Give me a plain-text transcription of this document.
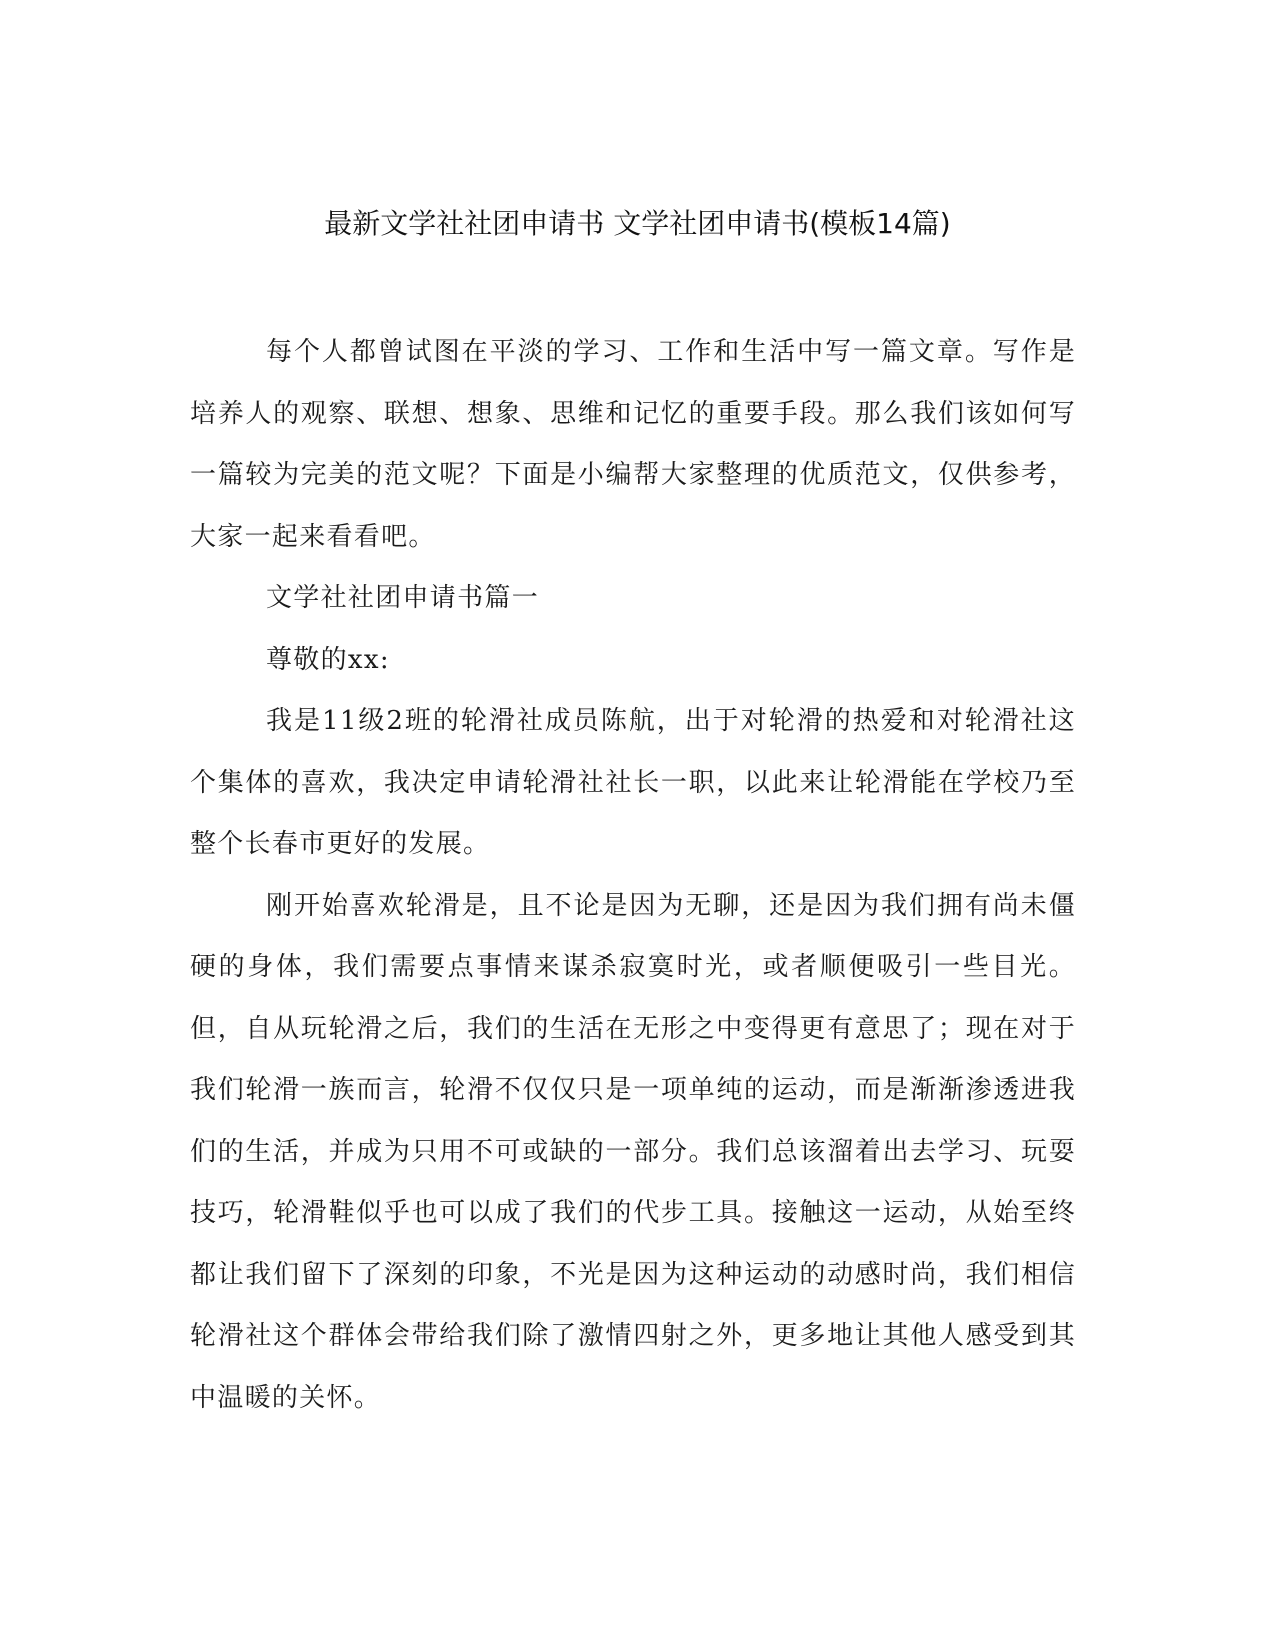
最新文学社社团申请书 文学社团申请书(模板14篇)

每个人都曾试图在平淡的学习、工作和生活中写一篇文章。写作是培养人的观察、联想、想象、思维和记忆的重要手段。那么我们该如何写一篇较为完美的范文呢？下面是小编帮大家整理的优质范文，仅供参考，大家一起来看看吧。

文学社社团申请书篇一

尊敬的xx:

我是11级2班的轮滑社成员陈航，出于对轮滑的热爱和对轮滑社这个集体的喜欢，我决定申请轮滑社社长一职，以此来让轮滑能在学校乃至整个长春市更好的发展。

刚开始喜欢轮滑是，且不论是因为无聊，还是因为我们拥有尚未僵硬的身体，我们需要点事情来谋杀寂寞时光，或者顺便吸引一些目光。但，自从玩轮滑之后，我们的生活在无形之中变得更有意思了；现在对于我们轮滑一族而言，轮滑不仅仅只是一项单纯的运动，而是渐渐渗透进我们的生活，并成为只用不可或缺的一部分。我们总该溜着出去学习、玩耍技巧，轮滑鞋似乎也可以成了我们的代步工具。接触这一运动，从始至终都让我们留下了深刻的印象，不光是因为这种运动的动感时尚，我们相信轮滑社这个群体会带给我们除了激情四射之外，更多地让其他人感受到其中温暖的关怀。
